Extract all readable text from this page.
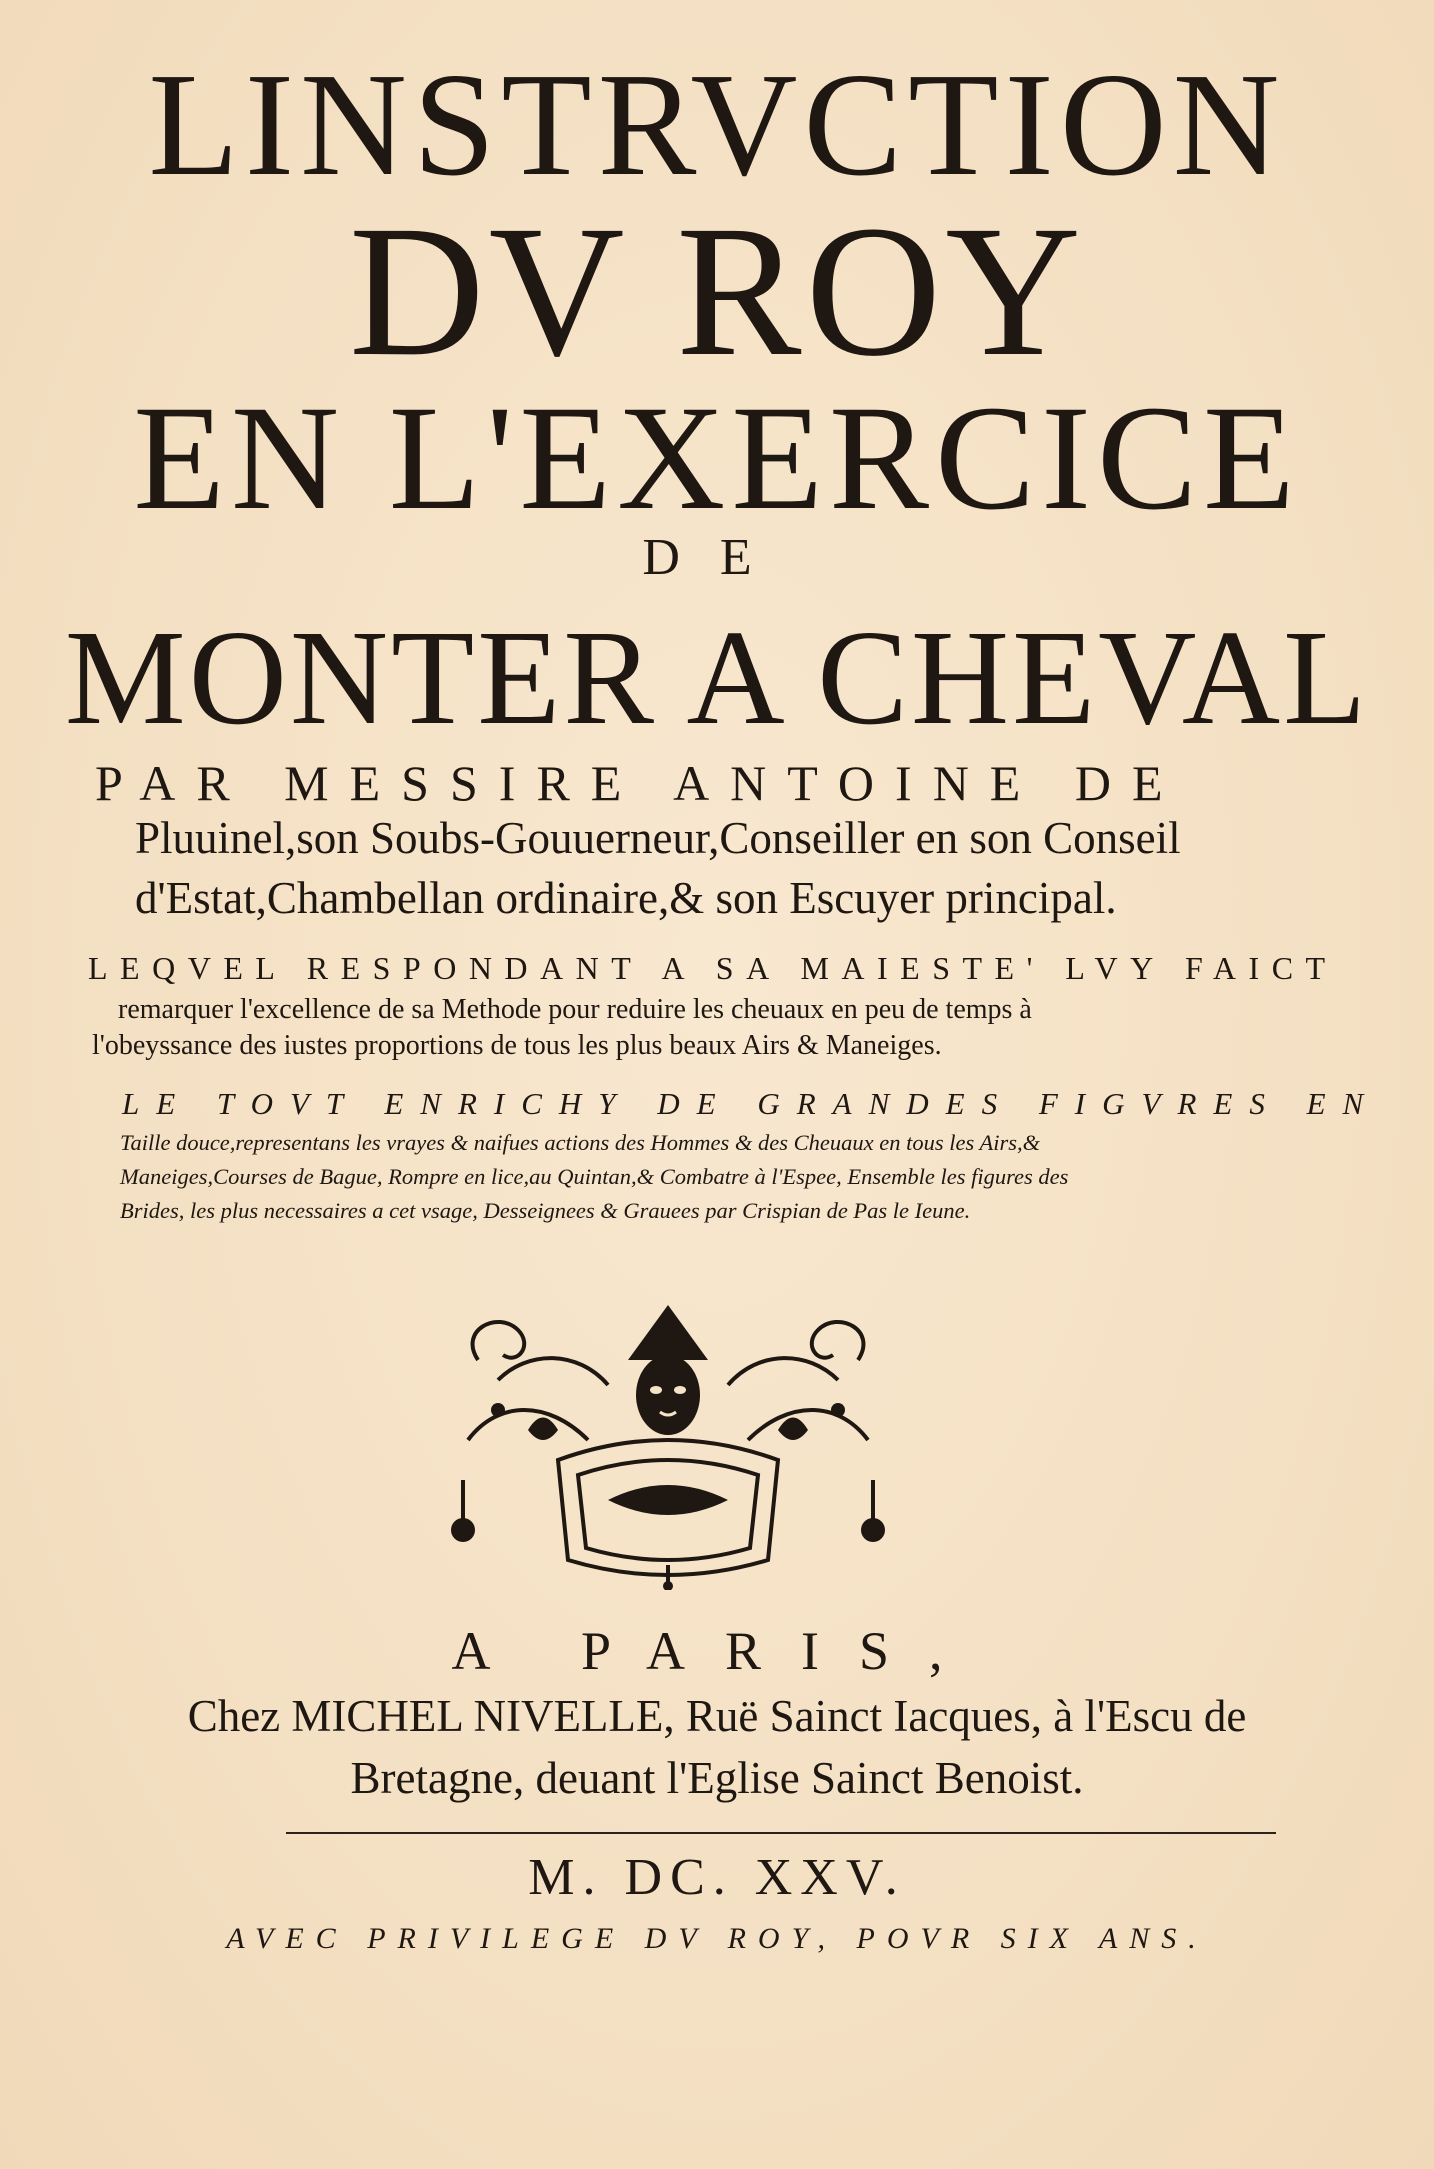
LINSTRVCTION
DV ROY
EN L'EXERCICE
DE
MONTER A CHEVAL
PAR MESSIRE ANTOINE DE
Pluuinel,son Soubs-Gouuerneur,Conseiller en son Conseil
d'Estat,Chambellan ordinaire,& son Escuyer principal.
LEQVEL RESPONDANT A SA MAIESTE' LVY FAICT
remarquer l'excellence de sa Methode pour reduire les cheuaux en peu de temps à
l'obeyssance des iustes proportions de tous les plus beaux Airs & Maneiges.
LE TOVT ENRICHY DE GRANDES FIGVRES EN
Taille douce,representans les vrayes & naifues actions des Hommes & des Cheuaux en tous les Airs,&
Maneiges,Courses de Bague, Rompre en lice,au Quintan,& Combatre à l'Espee, Ensemble les figures des
Brides, les plus necessaires a cet vsage, Desseignees & Grauees par Crispian de Pas le Ieune.
A PARIS,
Chez MICHEL NIVELLE, Ruë Sainct Iacques, à l'Escu de
Bretagne, deuant l'Eglise Sainct Benoist.
M. DC. XXV.
AVEC PRIVILEGE DV ROY, POVR SIX ANS.
